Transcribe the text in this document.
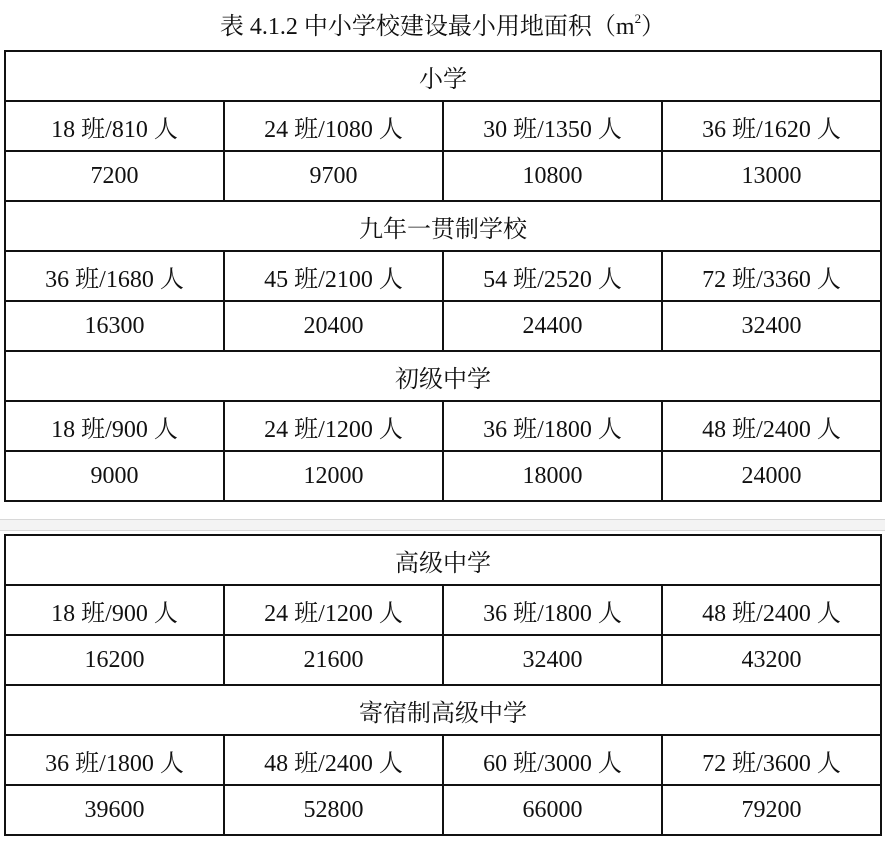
表 4.1.2 中小学校建设最小用地面积$(m^2)$
小学			
18 班/810 人	24 班/1080 人	30 班/1350 人	36 班/1620 人
7200	9700	10800	13000
九年一贯制学校			
36 班/1680 人	45 班/2100 人	54 班/2520 人	72 班/3360 人
16300	20400	24400	32400
初级中学			
18 班/900 人	24 班/1200 人	36 班/1800 人	48 班/2400 人
9000	12000	18000	24000
高级中学			
18 班/900 人	24 班/1200 人	36 班/1800 人	48 班/2400 人
16200	21600	32400	43200
寄宿制高级中学			
36 班/1800 人	48 班/2400 人	60 班/3000 人	72 班/3600 人
39600	52800	66000	79200
